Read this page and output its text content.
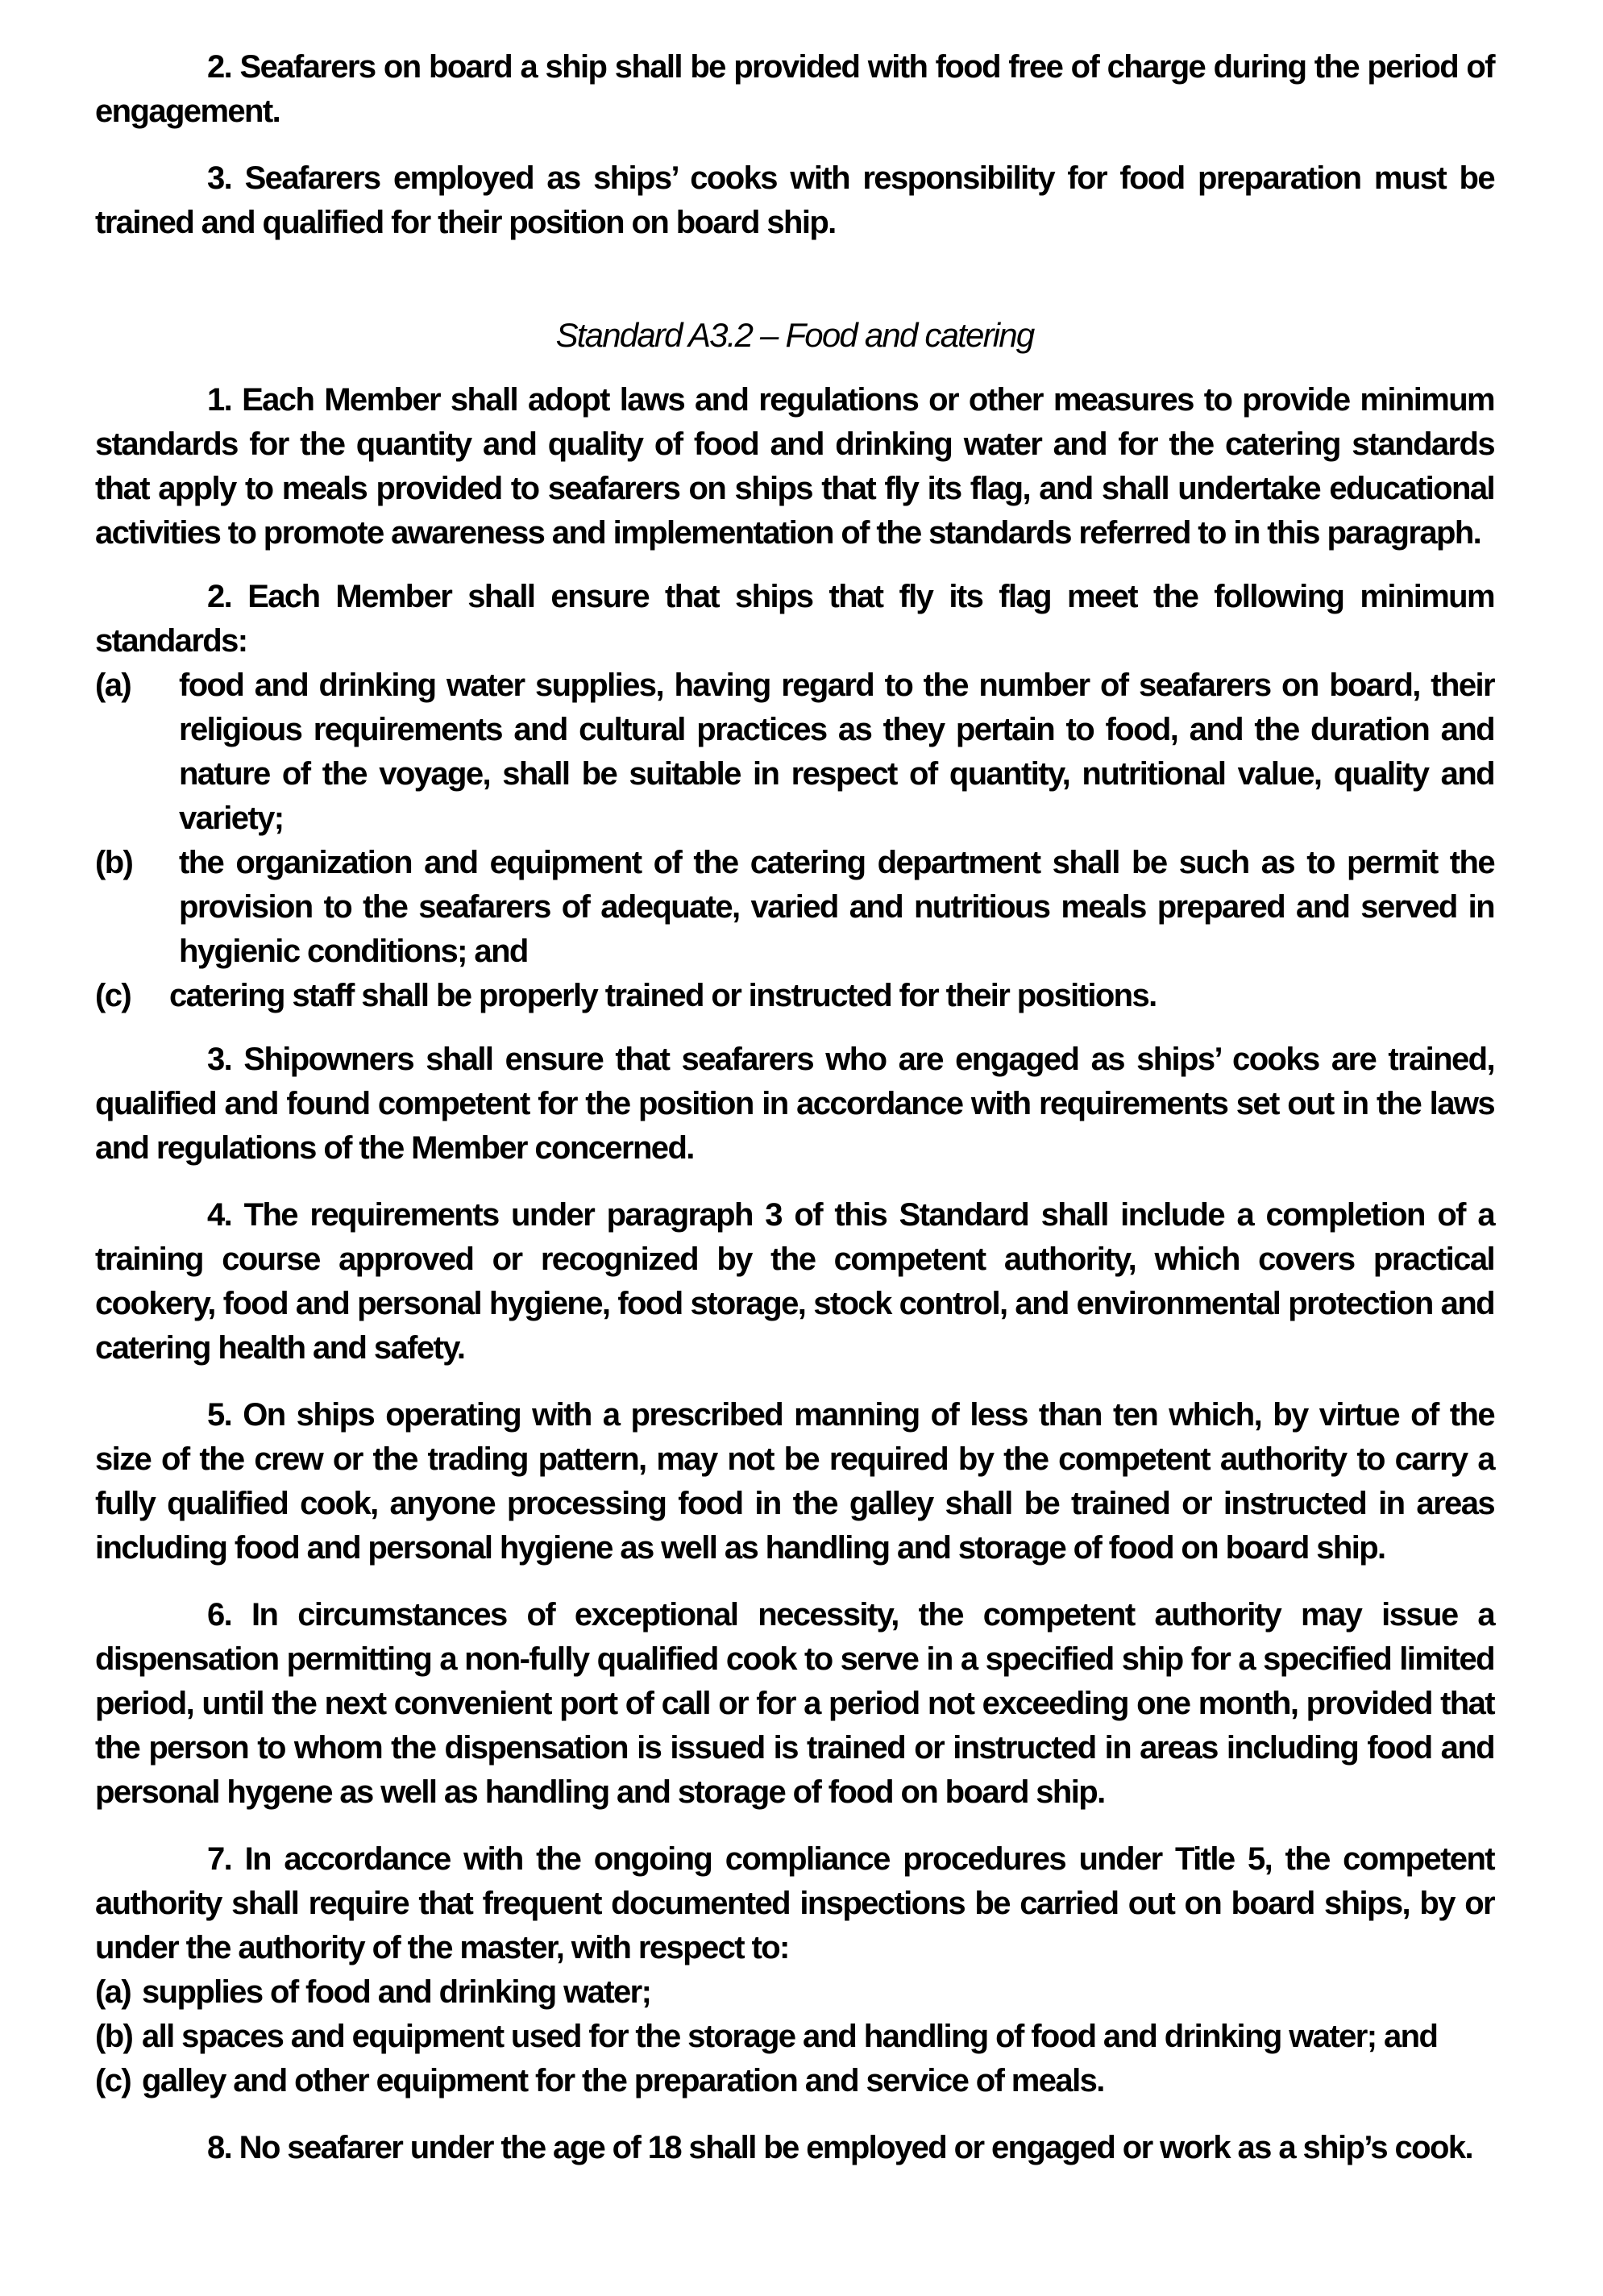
2. Seafarers on board a ship shall be provided with food free of charge during the period of engagement.

3. Seafarers employed as ships’ cooks with responsibility for food preparation must be trained and qualified for their position on board ship.

Standard A3.2 – Food and catering

1. Each Member shall adopt laws and regulations or other measures to provide minimum standards for the quantity and quality of food and drinking water and for the catering standards that apply to meals provided to seafarers on ships that fly its flag, and shall undertake educational activities to promote awareness and implementation of the standards referred to in this paragraph.

2. Each Member shall ensure that ships that fly its flag meet the following minimum standards:

(a)	food and drinking water supplies, having regard to the number of seafarers on board, their religious requirements and cultural practices as they pertain to food, and the duration and nature of the voyage, shall be suitable in respect of quantity, nutritional value, quality and variety;
(b)	the organization and equipment of the catering department shall be such as to permit the provision to the seafarers of adequate, varied and nutritious meals prepared and served in hygienic conditions; and
(c)	catering staff shall be properly trained or instructed for their positions.

3. Shipowners shall ensure that seafarers who are engaged as ships’ cooks are trained, qualified and found competent for the position in accordance with requirements set out in the laws and regulations of the Member concerned.

4. The requirements under paragraph 3 of this Standard shall include a completion of a training course approved or recognized by the competent authority, which covers practical cookery, food and personal hygiene, food storage, stock control, and environmental protection and catering health and safety.

5. On ships operating with a prescribed manning of less than ten which, by virtue of the size of the crew or the trading pattern, may not be required by the competent authority to carry a fully qualified cook, anyone processing food in the galley shall be trained or instructed in areas including food and personal hygiene as well as handling and storage of food on board ship.

6. In circumstances of exceptional necessity, the competent authority may issue a dispensation permitting a non-fully qualified cook to serve in a specified ship for a specified limited period, until the next convenient port of call or for a period not exceeding one month, provided that the person to whom the dispensation is issued is trained or instructed in areas including food and personal hygene as well as handling and storage of food on board ship.

7. In accordance with the ongoing compliance procedures under Title 5, the competent authority shall require that frequent documented inspections be carried out on board ships, by or under the authority of the master, with respect to:

(a) supplies of food and drinking water;
(b) all spaces and equipment used for the storage and handling of food and drinking water; and
(c) galley and other equipment for the preparation and service of meals.

8. No seafarer under the age of 18 shall be employed or engaged or work as a ship’s cook.
